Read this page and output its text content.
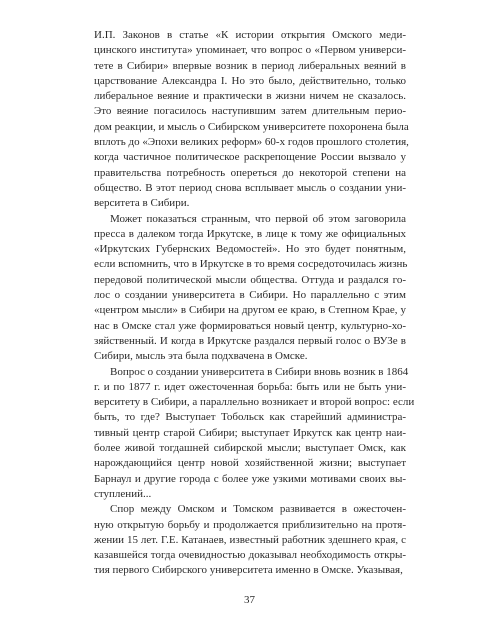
И.П. Законов в статье «К истории открытия Омского меди-
цинского института» упоминает, что вопрос о «Первом универси-
тете в Сибири» впервые возник в период либеральных веяний в
царствование Александра I. Но это было, действительно, только
либеральное веяние и практически в жизни ничем не сказалось.
Это веяние погасилось наступившим затем длительным перио-
дом реакции, и мысль о Сибирском университете похоронена была
вплоть до «Эпохи великих реформ» 60-х годов прошлого столетия,
когда частичное политическое раскрепощение России вызвало у
правительства потребность опереться до некоторой степени на
общество. В этот период снова всплывает мысль о создании уни-
верситета в Сибири.
Может показаться странным, что первой об этом заговорила
пресса в далеком тогда Иркутске, в лице к тому же официальных
«Иркутских Губернских Ведомостей». Но это будет понятным,
если вспомнить, что в Иркутске в то время сосредоточилась жизнь
передовой политической мысли общества. Оттуда и раздался го-
лос о создании университета в Сибири. Но параллельно с этим
«центром мысли» в Сибири на другом ее краю, в Степном Крае, у
нас в Омске стал уже формироваться новый центр, культурно-хо-
зяйственный. И когда в Иркутске раздался первый голос о ВУЗе в
Сибири, мысль эта была подхвачена в Омске.
Вопрос о создании университета в Сибири вновь возник в 1864
г. и по 1877 г. идет ожесточенная борьба: быть или не быть уни-
верситету в Сибири, а параллельно возникает и второй вопрос: если
быть, то где? Выступает Тобольск как старейший администра-
тивный центр старой Сибири; выступает Иркутск как центр наи-
более живой тогдашней сибирской мысли; выступает Омск, как
нарождающийся центр новой хозяйственной жизни; выступает
Барнаул и другие города с более уже узкими мотивами своих вы-
ступлений...
Спор между Омском и Томском развивается в ожесточен-
ную открытую борьбу и продолжается приблизительно на протя-
жении 15 лет. Г.Е. Катанаев, известный работник здешнего края, с
казавшейся тогда очевидностью доказывал необходимость откры-
тия первого Сибирского университета именно в Омске. Указывая,
37
